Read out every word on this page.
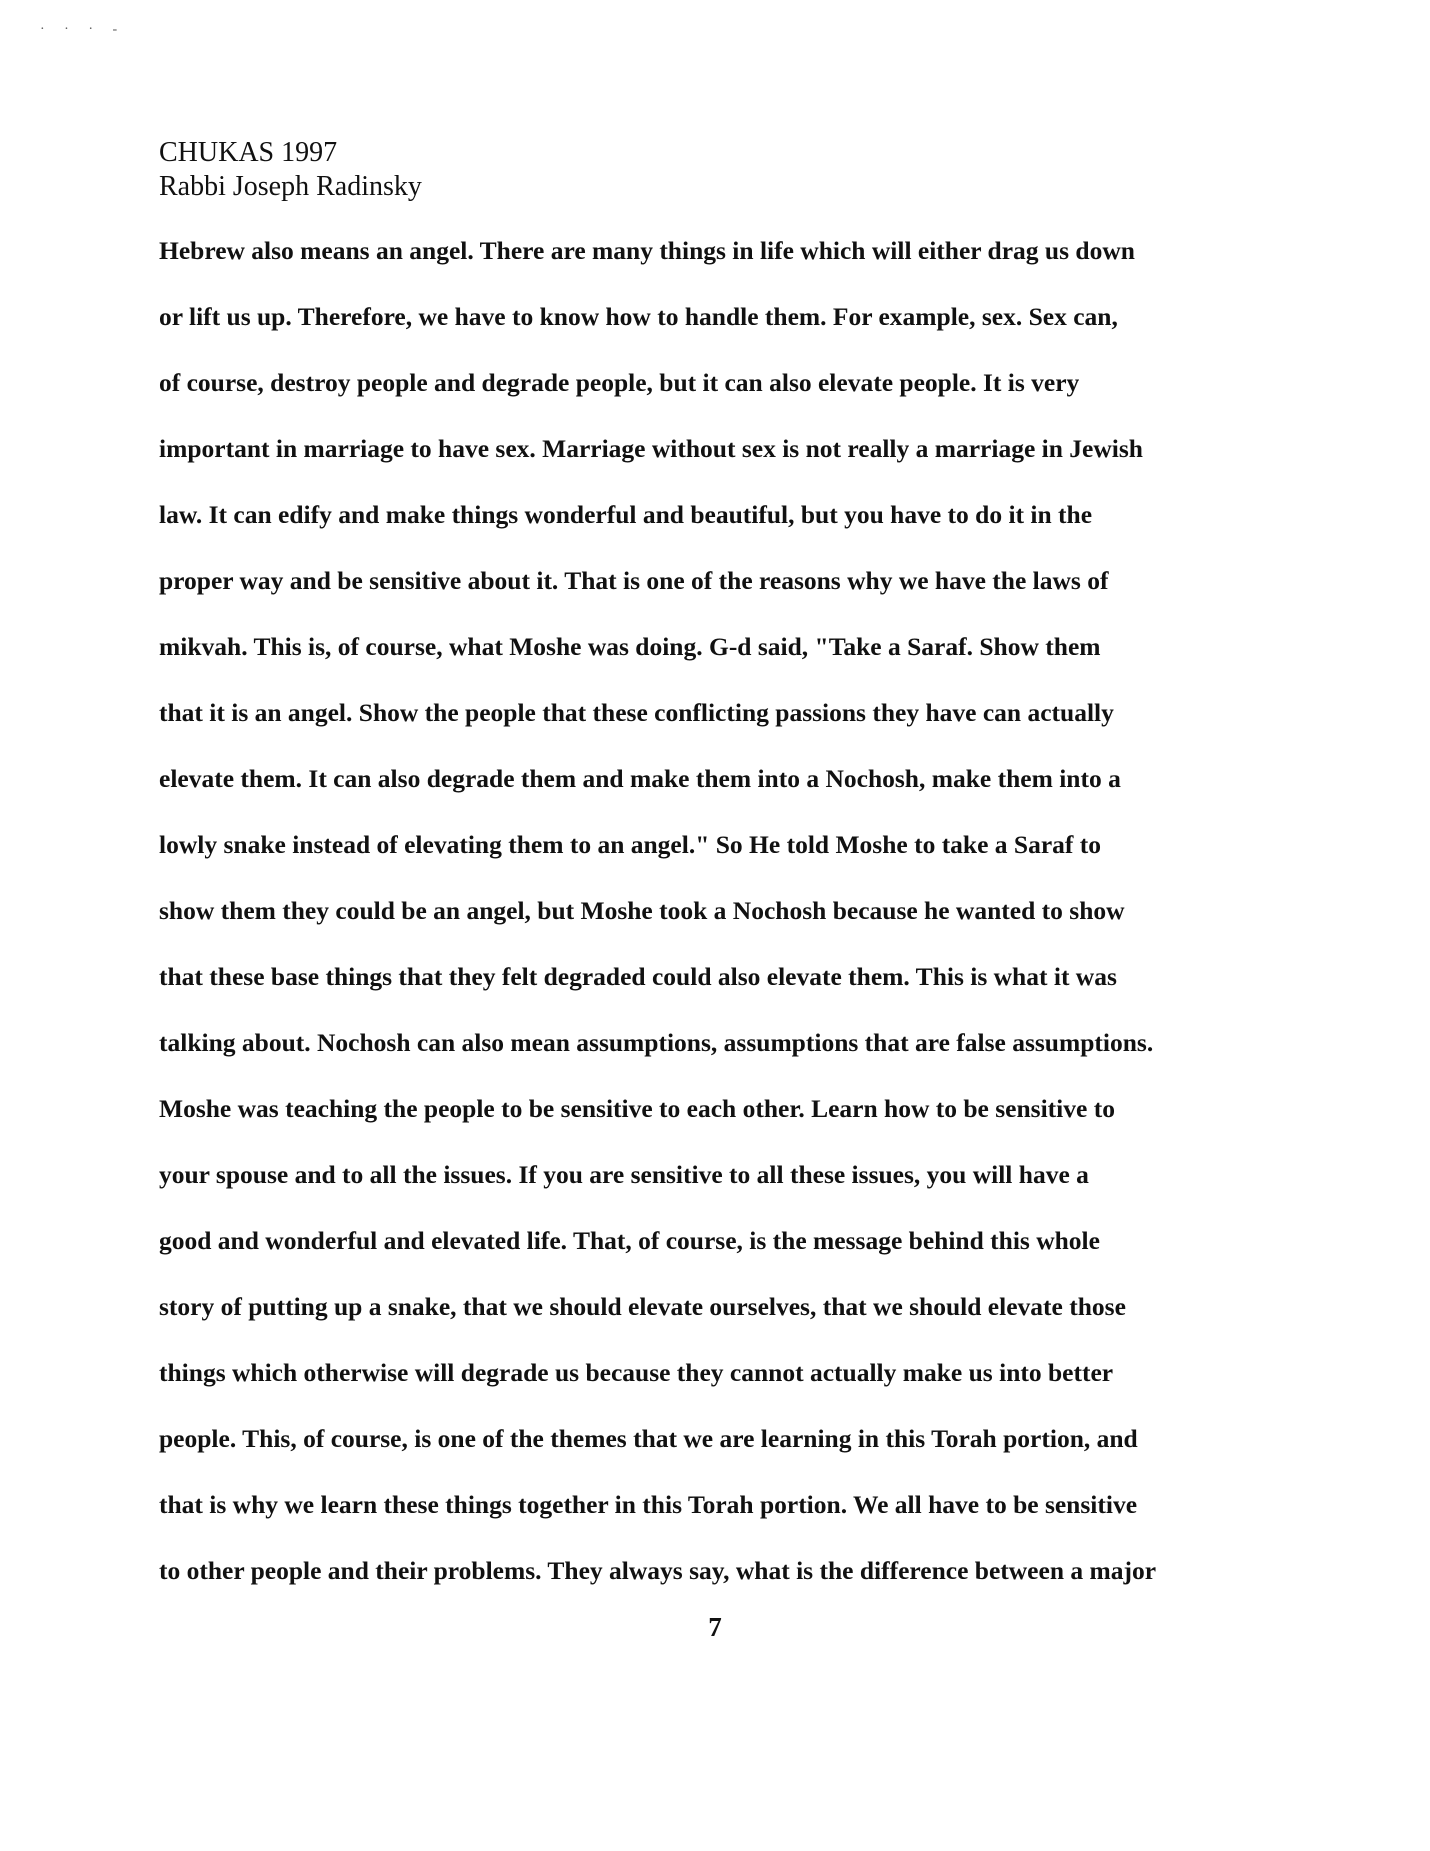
· · · -
CHUKAS 1997
Rabbi Joseph Radinsky
Hebrew also means an angel. There are many things in life which will either drag us down
or lift us up. Therefore, we have to know how to handle them. For example, sex. Sex can,
of course, destroy people and degrade people, but it can also elevate people. It is very
important in marriage to have sex. Marriage without sex is not really a marriage in Jewish
law. It can edify and make things wonderful and beautiful, but you have to do it in the
proper way and be sensitive about it. That is one of the reasons why we have the laws of
mikvah. This is, of course, what Moshe was doing. G-d said, "Take a Saraf. Show them
that it is an angel. Show the people that these conflicting passions they have can actually
elevate them. It can also degrade them and make them into a Nochosh, make them into a
lowly snake instead of elevating them to an angel." So He told Moshe to take a Saraf to
show them they could be an angel, but Moshe took a Nochosh because he wanted to show
that these base things that they felt degraded could also elevate them. This is what it was
talking about. Nochosh can also mean assumptions, assumptions that are false assumptions.
Moshe was teaching the people to be sensitive to each other. Learn how to be sensitive to
your spouse and to all the issues. If you are sensitive to all these issues, you will have a
good and wonderful and elevated life. That, of course, is the message behind this whole
story of putting up a snake, that we should elevate ourselves, that we should elevate those
things which otherwise will degrade us because they cannot actually make us into better
people. This, of course, is one of the themes that we are learning in this Torah portion, and
that is why we learn these things together in this Torah portion. We all have to be sensitive
to other people and their problems. They always say, what is the difference between a major
7
